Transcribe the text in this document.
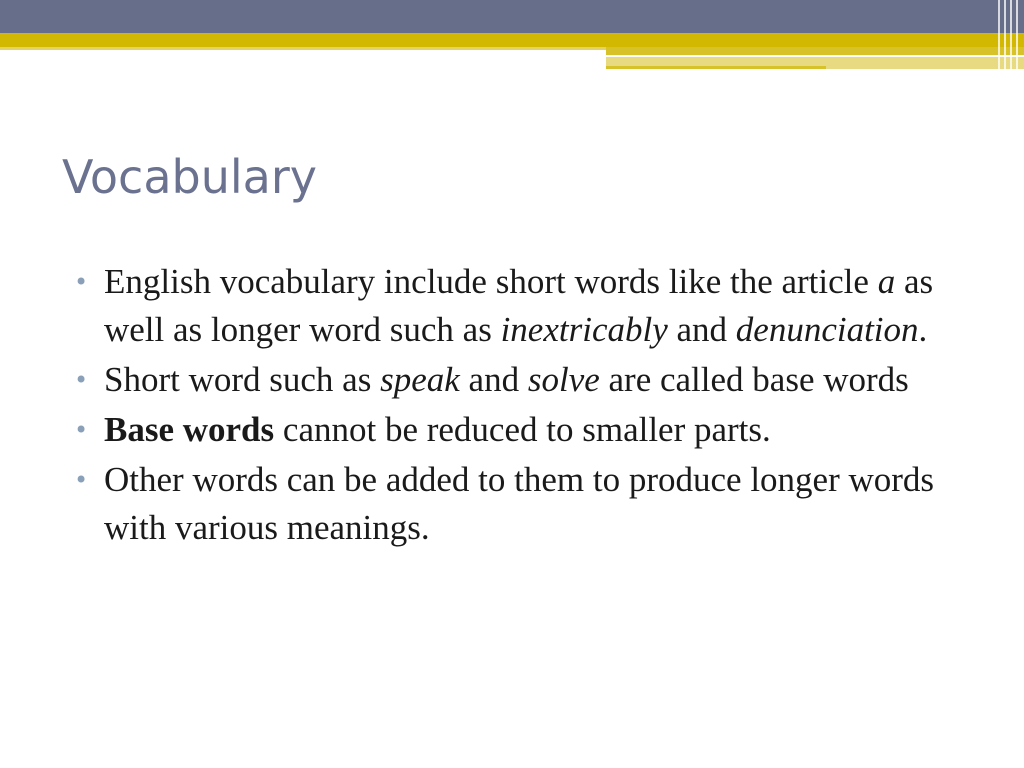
Vocabulary
• English vocabulary include short words like the article a as well as longer word such as inextricably and denunciation.
• Short word such as speak and solve are called base words
• Base words cannot be reduced to smaller parts.
• Other words can be added to them to produce longer words with various meanings.
